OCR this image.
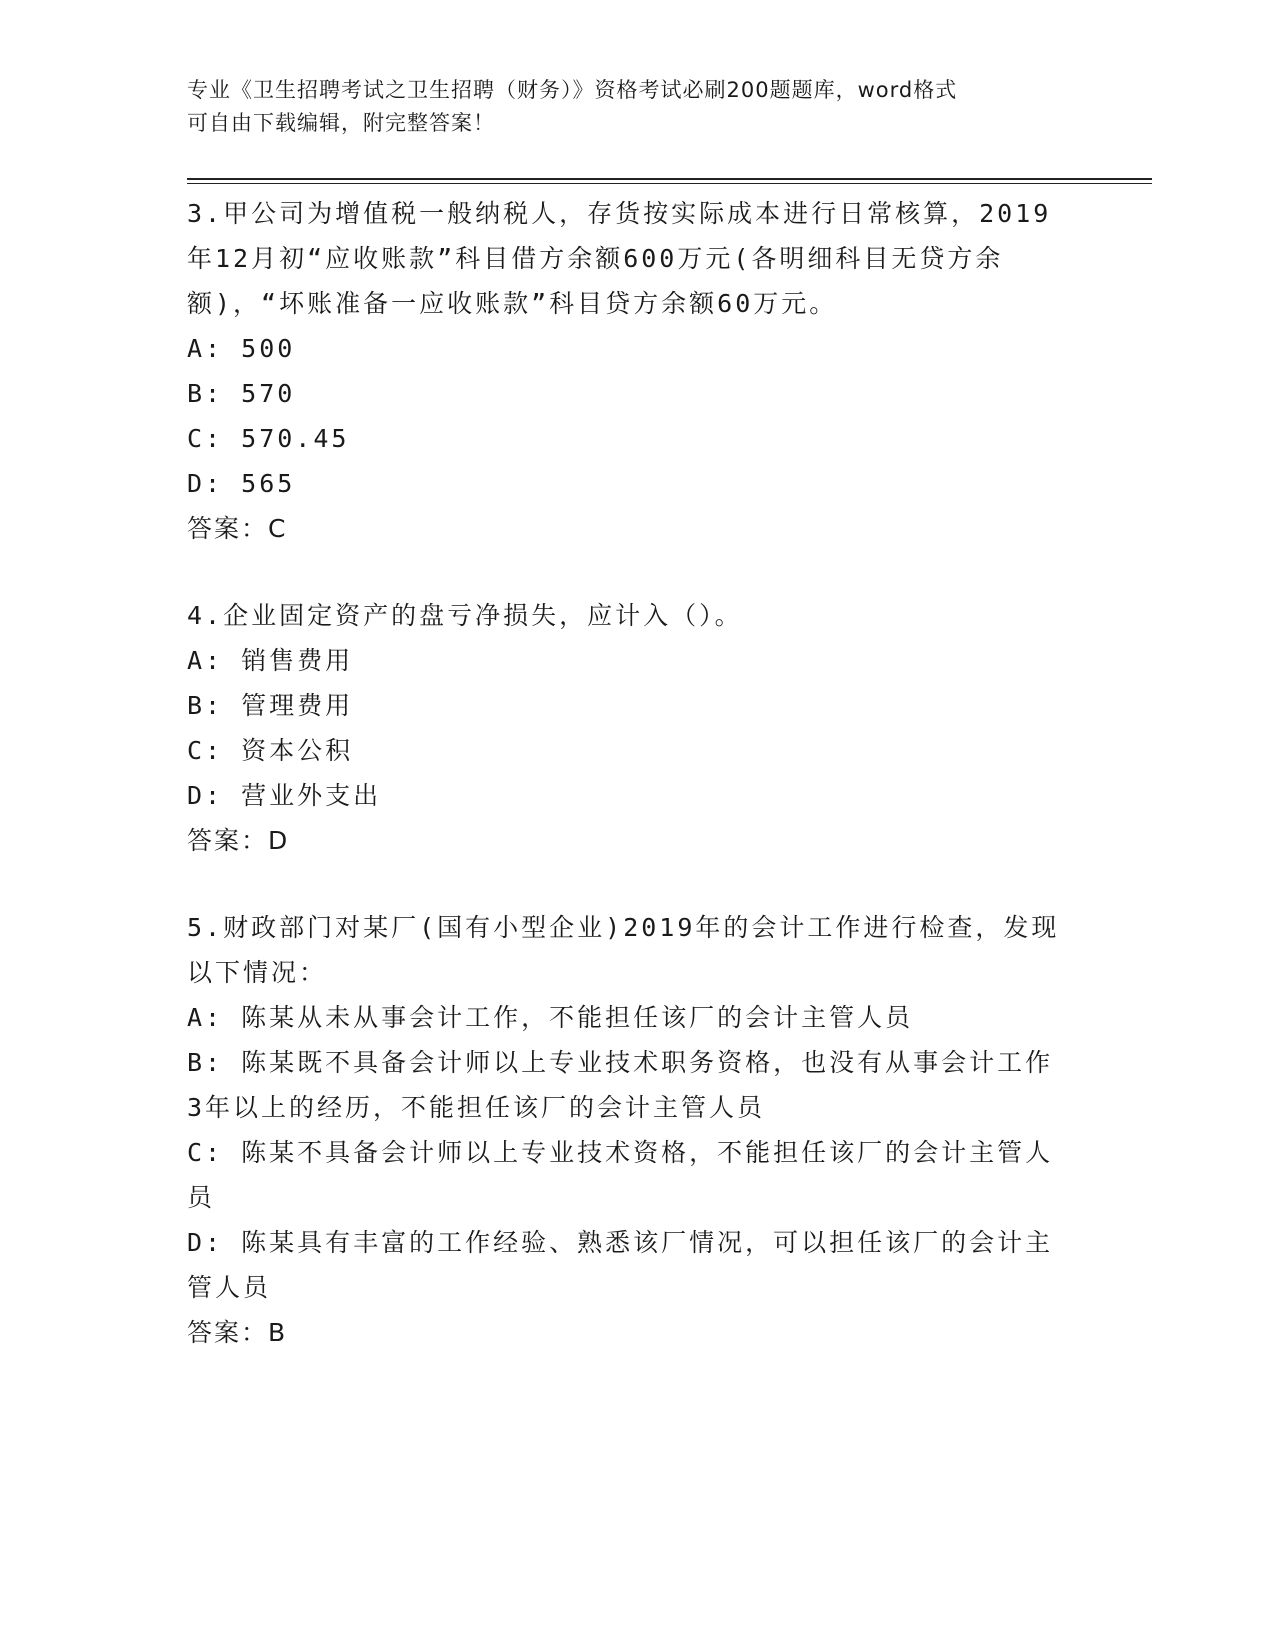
专业《卫生招聘考试之卫生招聘（财务）》资格考试必刷200题题库，word格式
可自由下载编辑，附完整答案！
3.甲公司为增值税一般纳税人，存货按实际成本进行日常核算，2019
年12月初“应收账款”科目借方余额600万元(各明细科目无贷方余
额)，“坏账准备一应收账款”科目贷方余额60万元。
A: 500
B: 570
C: 570.45
D: 565
答案：C
4.企业固定资产的盘亏净损失，应计入（）。
A: 销售费用
B: 管理费用
C: 资本公积
D: 营业外支出
答案：D
5.财政部门对某厂(国有小型企业)2019年的会计工作进行检查，发现
以下情况：
A: 陈某从未从事会计工作，不能担任该厂的会计主管人员
B: 陈某既不具备会计师以上专业技术职务资格，也没有从事会计工作
3年以上的经历，不能担任该厂的会计主管人员
C: 陈某不具备会计师以上专业技术资格，不能担任该厂的会计主管人
员
D: 陈某具有丰富的工作经验、熟悉该厂情况，可以担任该厂的会计主
管人员
答案：B
